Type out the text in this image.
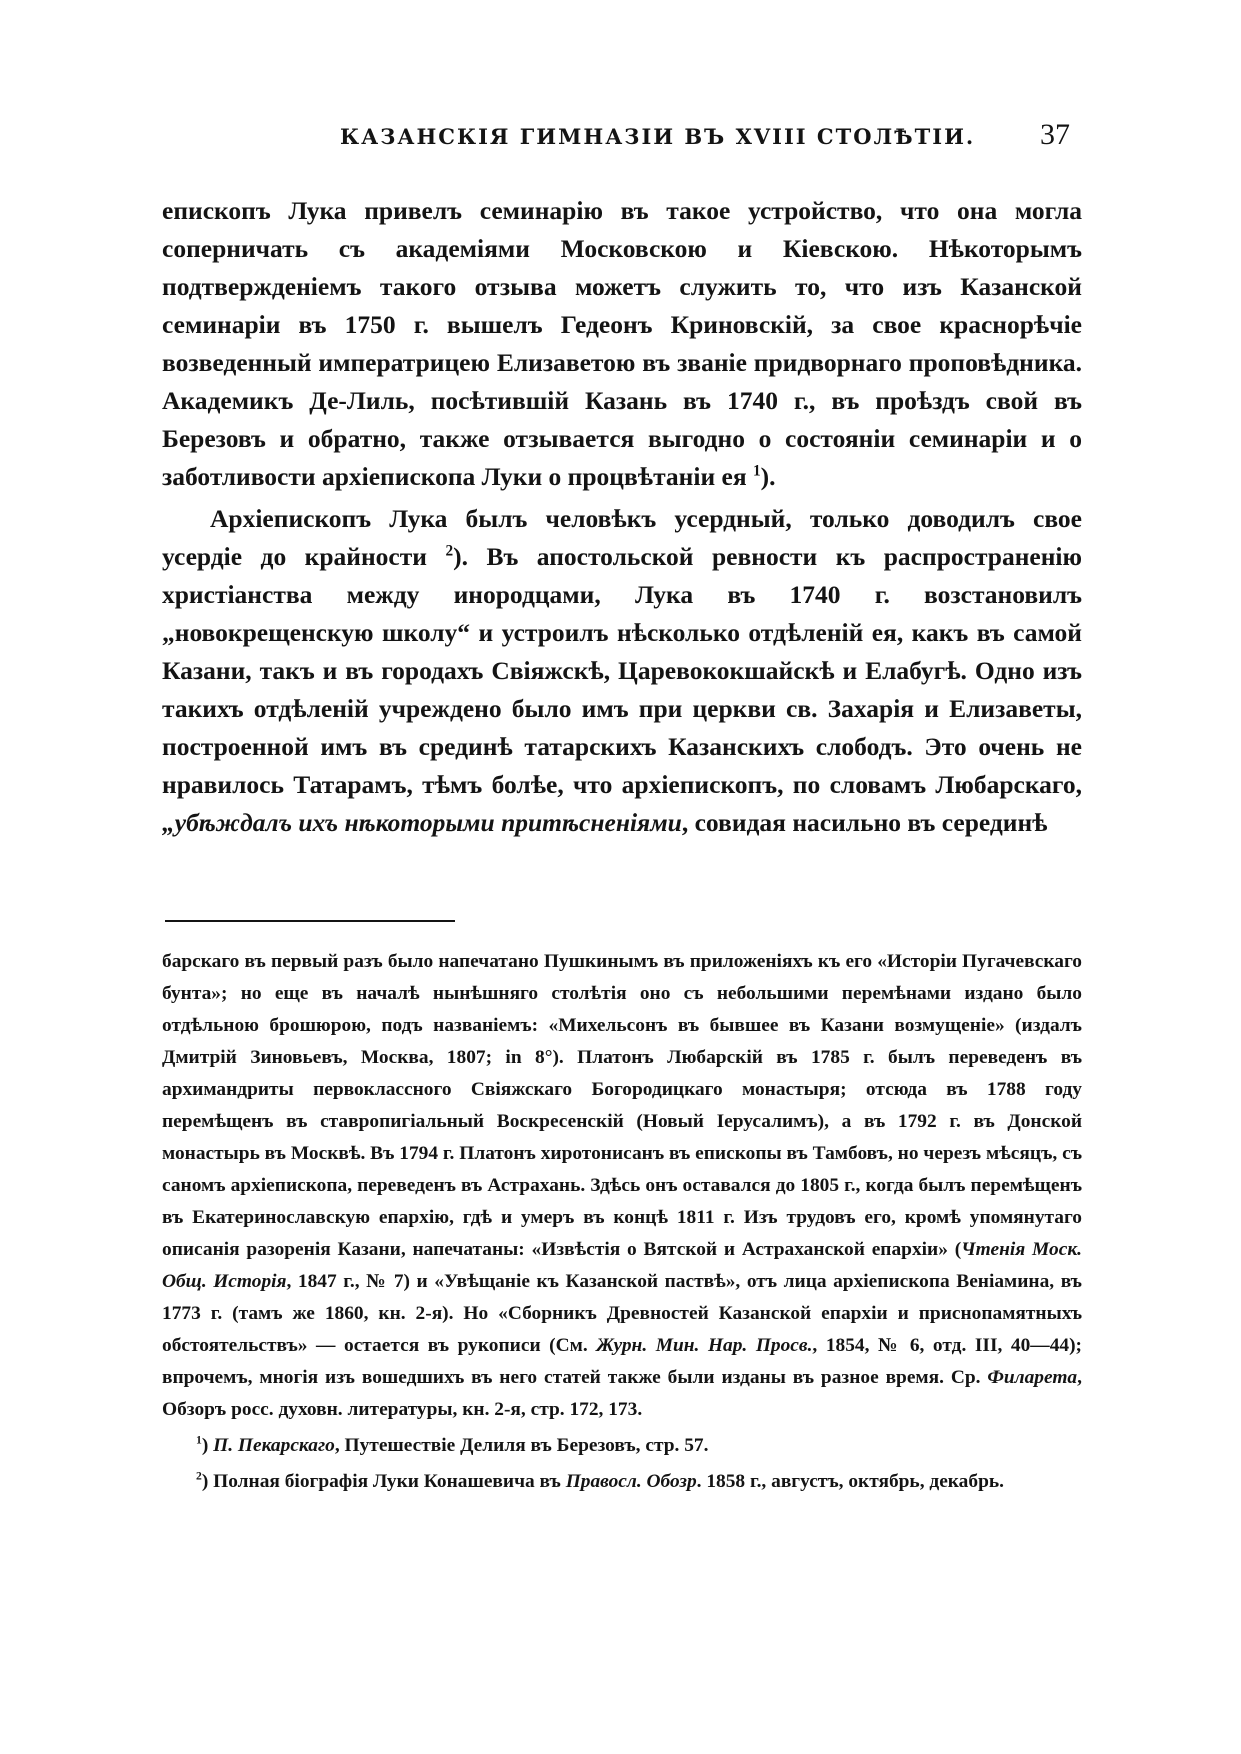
КАЗАНСКІЯ ГИМНАЗІИ ВЪ XVIII СТОЛѢТІИ. 37

епископъ Лука привелъ семинарію въ такое устройство, что она могла соперничать съ академіями Московскою и Кіевскою. Нѣкоторымъ подтвержденіемъ такого отзыва можетъ служить то, что изъ Казанской семинаріи въ 1750 г. вышелъ Гедеонъ Криновскій, за свое краснорѣчіе возведенный императрицею Елизаветою въ званіе придворнаго проповѣдника. Академикъ Де-Лиль, посѣтившій Казань въ 1740 г., въ проѣздъ свой въ Березовъ и обратно, также отзывается выгодно о состояніи семинаріи и о заботливости архіепископа Луки о процвѣтаніи ея $^1$).

Архіепископъ Лука былъ человѣкъ усердный, только доводилъ свое усердіе до крайности $^2$). Въ апостольской ревности къ распространенію христіанства между инородцами, Лука въ 1740 г. возстановилъ „новокрещенскую школу“ и устроилъ нѣсколько отдѣленій ея, какъ въ самой Казани, такъ и въ городахъ Свіяжскѣ, Царевококшайскѣ и Елабугѣ. Одно изъ такихъ отдѣленій учреждено было имъ при церкви св. Захарія и Елизаветы, построенной имъ въ срединѣ татарскихъ Казанскихъ слободъ. Это очень не нравилось Татарамъ, тѣмъ болѣе, что архіепископъ, по словамъ Любарскаго, „убѣждалъ ихъ нѣкоторыми притѣсненіями, совидая насильно въ серединѣ

барскаго въ первый разъ было напечатано Пушкинымъ въ приложеніяхъ къ его «Исторіи Пугачевскаго бунта»; но еще въ началѣ нынѣшняго столѣтія оно съ небольшими перемѣнами издано было отдѣльною брошюрою, подъ названіемъ: «Михельсонъ въ бывшее въ Казани возмущеніе» (издалъ Дмитрій Зиновьевъ, Москва, 1807; in 8°). Платонъ Любарскій въ 1785 г. былъ переведенъ въ архимандриты первоклассного Свіяжскаго Богородицкаго монастыря; отсюда въ 1788 году перемѣщенъ въ ставропигіальный Воскресенскій (Новый Іерусалимъ), а въ 1792 г. въ Донской монастырь въ Москвѣ. Въ 1794 г. Платонъ хиротонисанъ въ епископы въ Тамбовъ, но черезъ мѣсяцъ, съ саномъ архіепископа, переведенъ въ Астрахань. Здѣсь онъ оставался до 1805 г., когда былъ перемѣщенъ въ Екатеринославскую епархію, гдѣ и умеръ въ концѣ 1811 г. Изъ трудовъ его, кромѣ упомянутаго описанія разоренія Казани, напечатаны: «Извѣстія о Вятской и Астраханской епархіи» (Чтенія Моск. Общ. Исторія, 1847 г., № 7) и «Увѣщаніе къ Казанской паствѣ», отъ лица архіепископа Веніамина, въ 1773 г. (тамъ же 1860, кн. 2-я). Но «Сборникъ Древностей Казанской епархіи и приснопамятныхъ обстоятельствъ» — остается въ рукописи (См. Журн. Мин. Нар. Просв., 1854, № 6, отд. III, 40—44); впрочемъ, многія изъ вошедшихъ въ него статей также были изданы въ разное время. Ср. Филарета, Обзоръ росс. духовн. литературы, кн. 2-я, стр. 172, 173.

$^1$) П. Пекарскаго, Путешествіе Делиля въ Березовъ, стр. 57.

$^2$) Полная біографія Луки Конашевича въ Правосл. Обозр. 1858 г., августъ, октябрь, декабрь.
